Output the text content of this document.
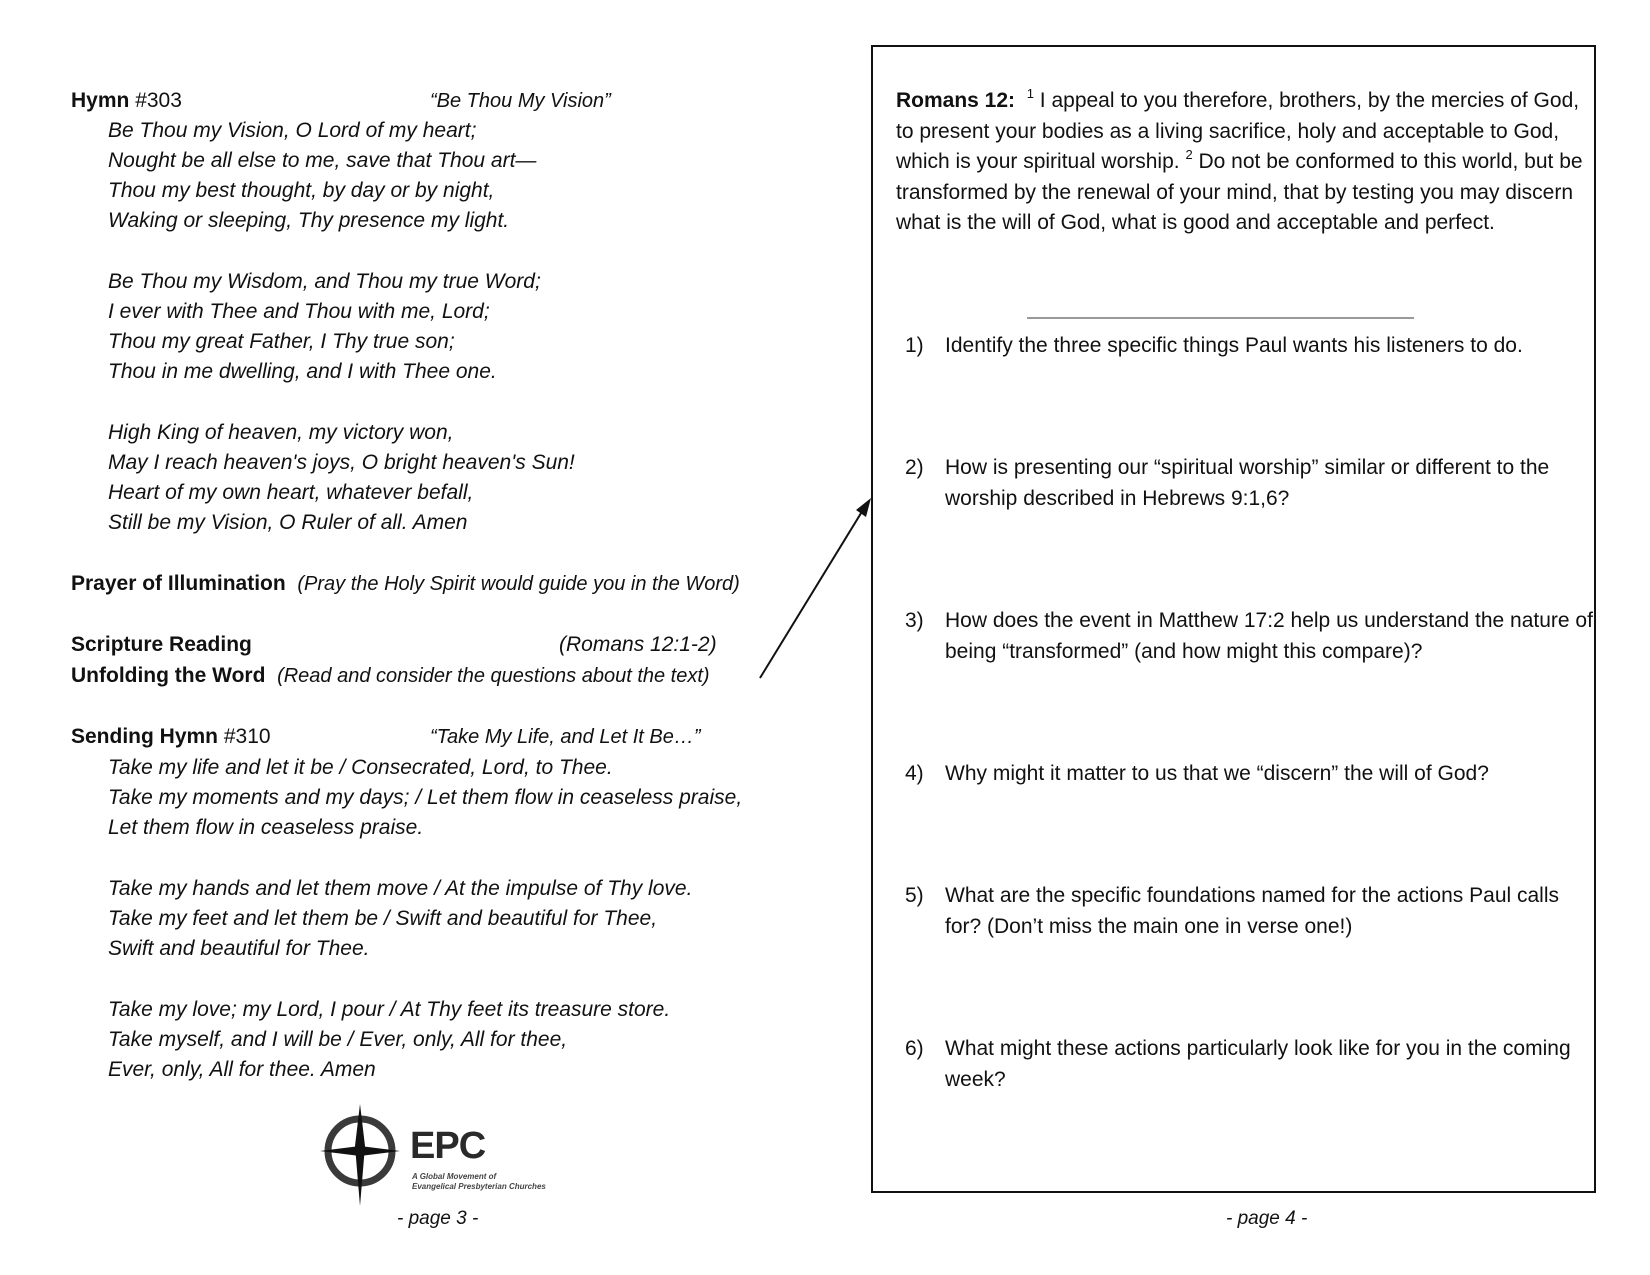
Hymn #303	“Be Thou My Vision”
Be Thou my Vision, O Lord of my heart;
Nought be all else to me, save that Thou art—
Thou my best thought, by day or by night,
Waking or sleeping, Thy presence my light.
Be Thou my Wisdom, and Thou my true Word;
I ever with Thee and Thou with me, Lord;
Thou my great Father, I Thy true son;
Thou in me dwelling, and I with Thee one.
High King of heaven, my victory won,
May I reach heaven's joys, O bright heaven's Sun!
Heart of my own heart, whatever befall,
Still be my Vision, O Ruler of all. Amen
Prayer of Illumination (Pray the Holy Spirit would guide you in the Word)
Scripture Reading	(Romans 12:1-2)
Unfolding the Word (Read and consider the questions about the text)
Sending Hymn #310	“Take My Life, and Let It Be…”
Take my life and let it be / Consecrated, Lord, to Thee.
Take my moments and my days; / Let them flow in ceaseless praise,
Let them flow in ceaseless praise.
Take my hands and let them move / At the impulse of Thy love.
Take my feet and let them be / Swift and beautiful for Thee,
Swift and beautiful for Thee.
Take my love; my Lord, I pour / At Thy feet its treasure store.
Take myself, and I will be / Ever, only, All for thee,
Ever, only, All for thee. Amen
EPC
A Global Movement of
Evangelical Presbyterian Churches
- page 3 -
Romans 12: $^1$ I appeal to you therefore, brothers, by the mercies of God, to present your bodies as a living sacrifice, holy and acceptable to God, which is your spiritual worship. $^2$ Do not be conformed to this world, but be transformed by the renewal of your mind, that by testing you may discern what is the will of God, what is good and acceptable and perfect.
1) Identify the three specific things Paul wants his listeners to do.
2) How is presenting our “spiritual worship” similar or different to the worship described in Hebrews 9:1,6?
3) How does the event in Matthew 17:2 help us understand the nature of being “transformed” (and how might this compare)?
4) Why might it matter to us that we “discern” the will of God?
5) What are the specific foundations named for the actions Paul calls for? (Don’t miss the main one in verse one!)
6) What might these actions particularly look like for you in the coming week?
- page 4 -
